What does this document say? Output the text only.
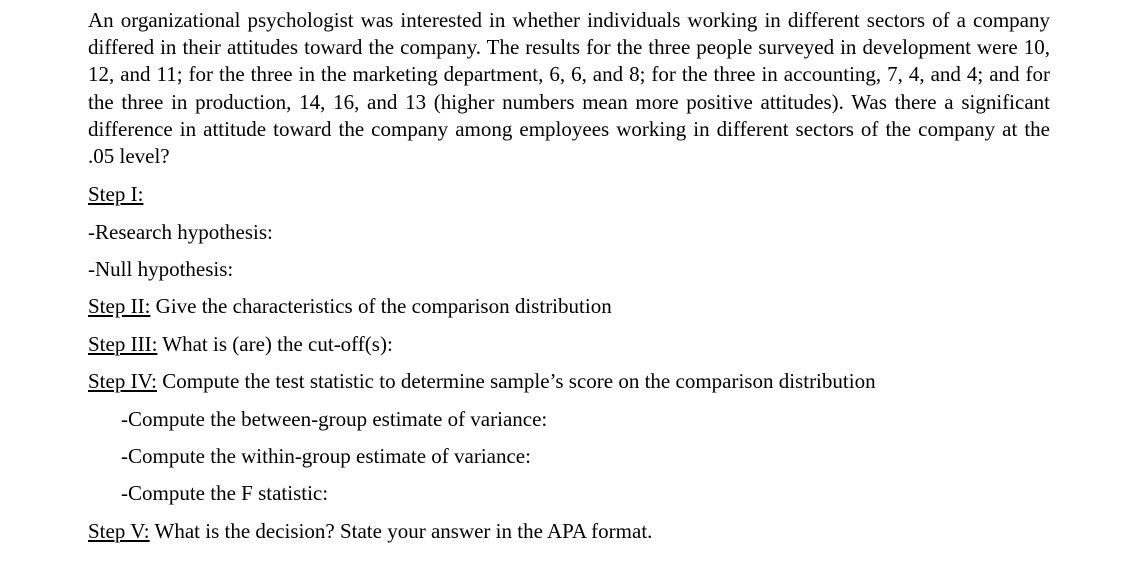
An organizational psychologist was interested in whether individuals working in different sectors of a company differed in their attitudes toward the company. The results for the three people surveyed in development were 10, 12, and 11; for the three in the marketing department, 6, 6, and 8; for the three in accounting, 7, 4, and 4; and for the three in production, 14, 16, and 13 (higher numbers mean more positive attitudes). Was there a significant difference in attitude toward the company among employees working in different sectors of the company at the .05 level?

Step I:
-Research hypothesis:
-Null hypothesis:
Step II: Give the characteristics of the comparison distribution
Step III: What is (are) the cut-off(s):
Step IV: Compute the test statistic to determine sample’s score on the comparison distribution
-Compute the between-group estimate of variance:
-Compute the within-group estimate of variance:
-Compute the F statistic:
Step V: What is the decision? State your answer in the APA format.
